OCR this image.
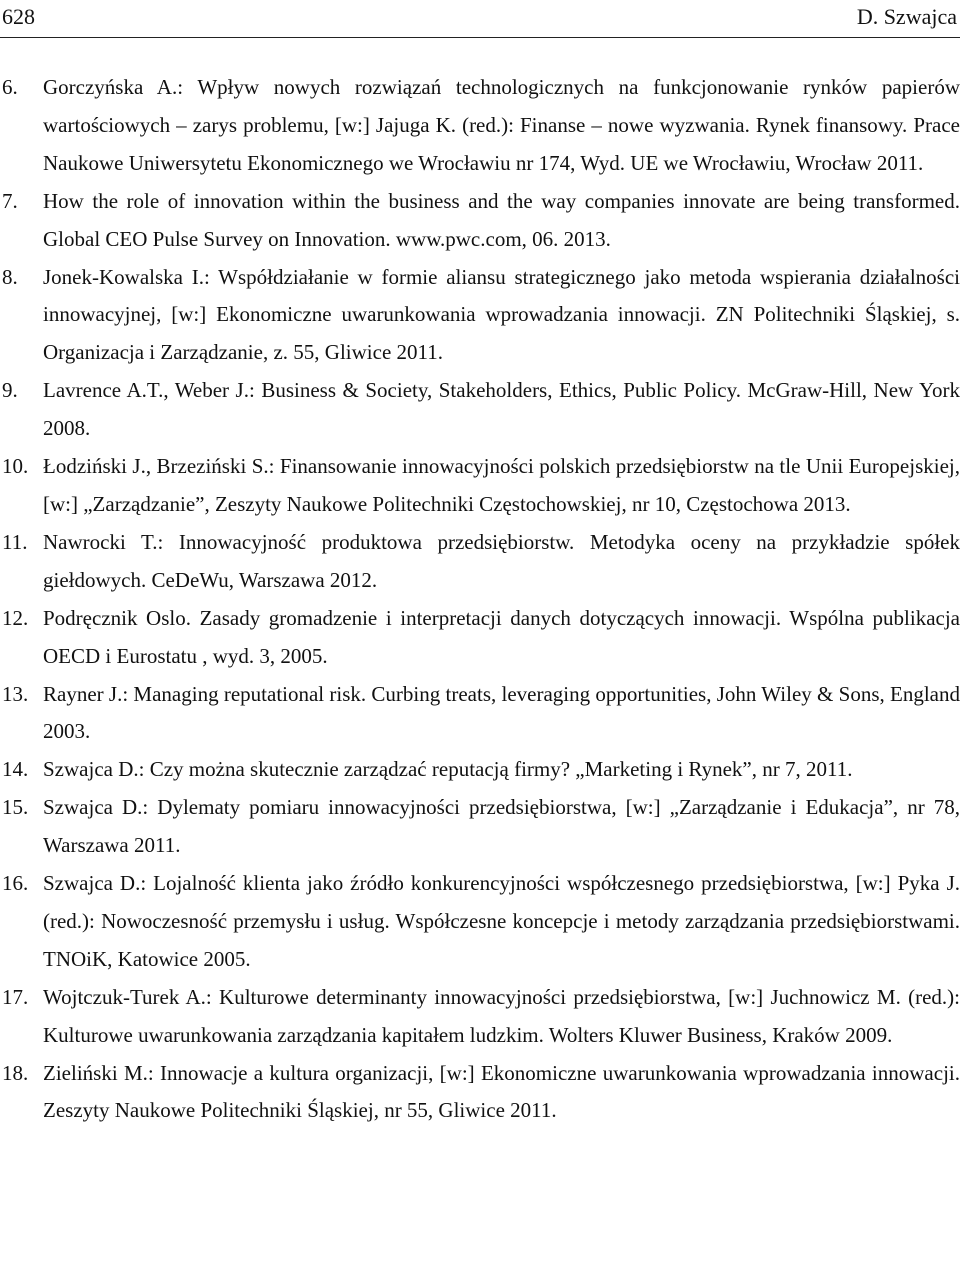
628	D. Szwajca
6.	Gorczyńska A.: Wpływ nowych rozwiązań technologicznych na funkcjonowanie rynków papierów wartościowych – zarys problemu, [w:] Jajuga K. (red.): Finanse – nowe wyzwania. Rynek finansowy. Prace Naukowe Uniwersytetu Ekonomicznego we Wrocławiu nr 174, Wyd. UE we Wrocławiu, Wrocław 2011.
7.	How the role of innovation within the business and the way companies innovate are being transformed. Global CEO Pulse Survey on Innovation. www.pwc.com, 06. 2013.
8.	Jonek-Kowalska I.: Współdziałanie w formie aliansu strategicznego jako metoda wspierania działalności innowacyjnej, [w:] Ekonomiczne uwarunkowania wprowadzania innowacji. ZN Politechniki Śląskiej, s. Organizacja i Zarządzanie, z. 55, Gliwice 2011.
9.	Lavrence A.T., Weber J.: Business & Society, Stakeholders, Ethics, Public Policy. McGraw-Hill, New York 2008.
10. Łodziński J., Brzeziński S.: Finansowanie innowacyjności polskich przedsiębiorstw na tle Unii Europejskiej, [w:] „Zarządzanie”, Zeszyty Naukowe Politechniki Częstochowskiej, nr 10, Częstochowa 2013.
11. Nawrocki T.: Innowacyjność produktowa przedsiębiorstw. Metodyka oceny na przykładzie spółek giełdowych. CeDeWu, Warszawa 2012.
12. Podręcznik Oslo. Zasady gromadzenie i interpretacji danych dotyczących innowacji. Wspólna publikacja OECD i Eurostatu , wyd. 3, 2005.
13. Rayner J.: Managing reputational risk. Curbing treats, leveraging opportunities, John Wiley & Sons, England 2003.
14. Szwajca D.: Czy można skutecznie zarządzać reputacją firmy? „Marketing i Rynek”, nr 7, 2011.
15. Szwajca D.: Dylematy pomiaru innowacyjności przedsiębiorstwa, [w:] „Zarządzanie i Edukacja”, nr 78, Warszawa 2011.
16. Szwajca D.: Lojalność klienta jako źródło konkurencyjności współczesnego przedsiębiorstwa, [w:] Pyka J. (red.): Nowoczesność przemysłu i usług. Współczesne koncepcje i metody zarządzania przedsiębiorstwami. TNOiK, Katowice 2005.
17. Wojtczuk-Turek A.: Kulturowe determinanty innowacyjności przedsiębiorstwa, [w:] Juchnowicz M. (red.): Kulturowe uwarunkowania zarządzania kapitałem ludzkim. Wolters Kluwer Business, Kraków 2009.
18. Zieliński M.: Innowacje a kultura organizacji, [w:] Ekonomiczne uwarunkowania wprowadzania innowacji. Zeszyty Naukowe Politechniki Śląskiej, nr 55, Gliwice 2011.
